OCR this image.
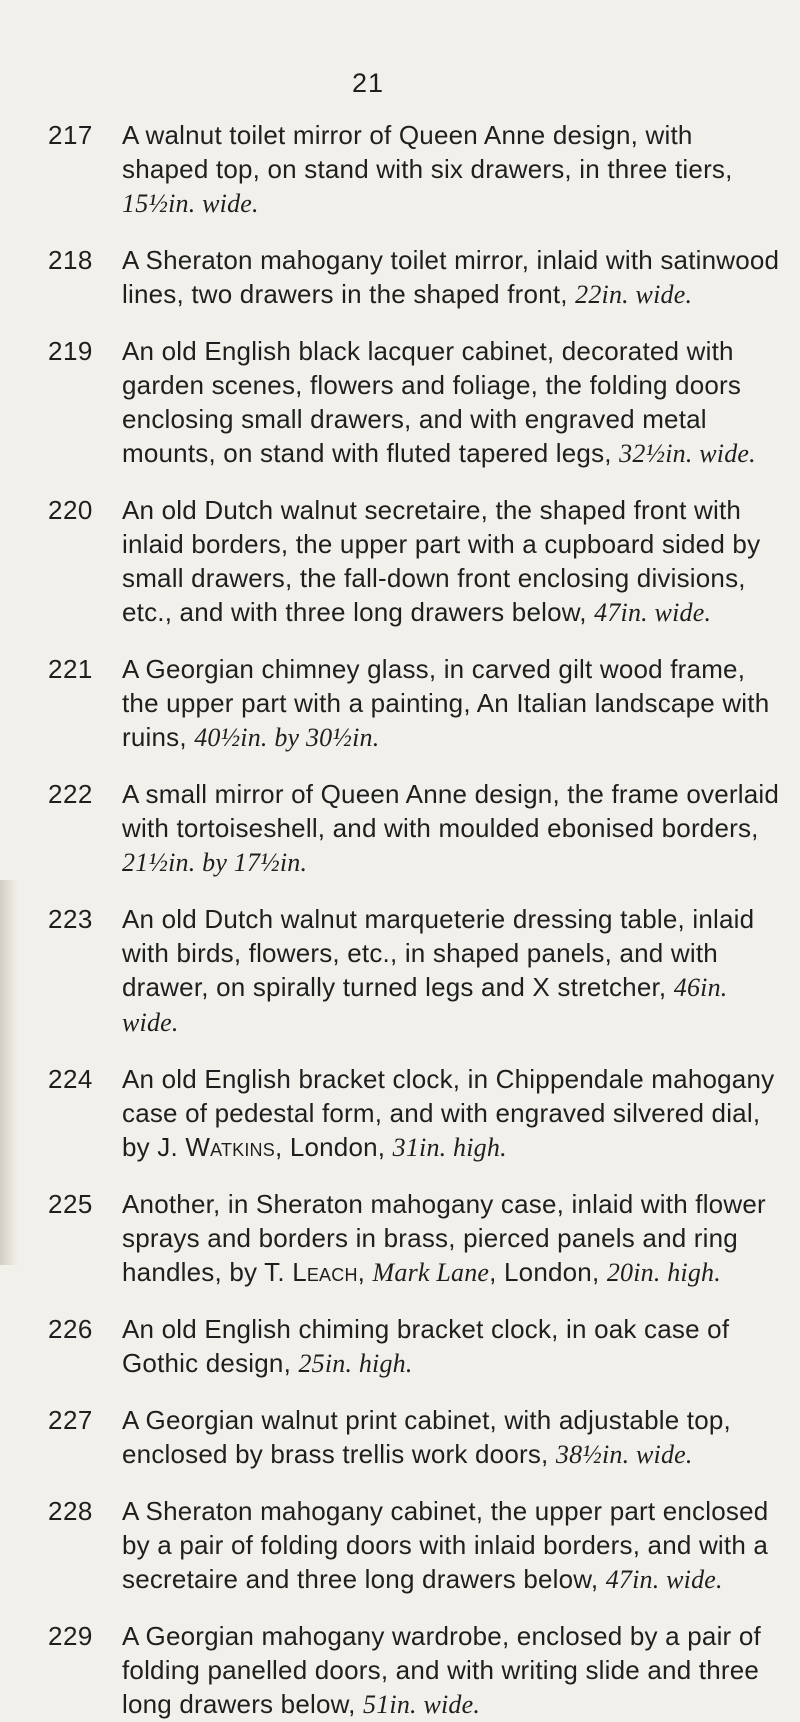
21
217	A walnut toilet mirror of Queen Anne design, with shaped top, on stand with six drawers, in three tiers, 15½in. wide.
218	A Sheraton mahogany toilet mirror, inlaid with satinwood lines, two drawers in the shaped front, 22in. wide.
219	An old English black lacquer cabinet, decorated with garden scenes, flowers and foliage, the folding doors enclosing small drawers, and with engraved metal mounts, on stand with fluted tapered legs, 32½in. wide.
220	An old Dutch walnut secretaire, the shaped front with inlaid borders, the upper part with a cupboard sided by small drawers, the fall-down front enclosing divisions, etc., and with three long drawers below, 47in. wide.
221	A Georgian chimney glass, in carved gilt wood frame, the upper part with a painting, An Italian landscape with ruins, 40½in. by 30½in.
222	A small mirror of Queen Anne design, the frame overlaid with tortoiseshell, and with moulded ebonised borders, 21½in. by 17½in.
223	An old Dutch walnut marqueterie dressing table, inlaid with birds, flowers, etc., in shaped panels, and with drawer, on spirally turned legs and X stretcher, 46in. wide.
224	An old English bracket clock, in Chippendale mahogany case of pedestal form, and with engraved silvered dial, by J. Watkins, London, 31in. high.
225	Another, in Sheraton mahogany case, inlaid with flower sprays and borders in brass, pierced panels and ring handles, by T. Leach, Mark Lane, London, 20in. high.
226	An old English chiming bracket clock, in oak case of Gothic design, 25in. high.
227	A Georgian walnut print cabinet, with adjustable top, enclosed by brass trellis work doors, 38½in. wide.
228	A Sheraton mahogany cabinet, the upper part enclosed by a pair of folding doors with inlaid borders, and with a secretaire and three long drawers below, 47in. wide.
229	A Georgian mahogany wardrobe, enclosed by a pair of folding panelled doors, and with writing slide and three long drawers below, 51in. wide.
